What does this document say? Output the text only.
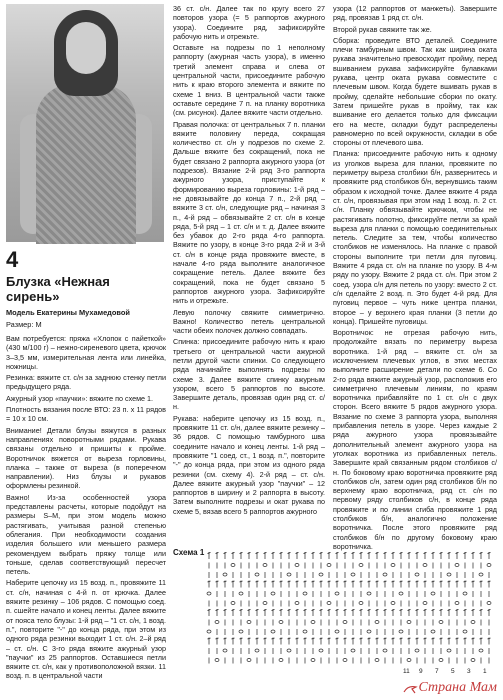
4
Блузка «Нежная сирень»
Модель Екатерины Мухамедовой
Размер: М

Вам потребуется: пряжа «Хлопок с пайеткой» (430 м/100 г) – нежно-сиреневого цвета, крючок 3–3,5 мм, измерительная лента или линейка, ножницы.

Резинка: вяжите ст. с/н за заднюю стенку петли предыдущего ряда.

Ажурный узор «паучки»: вяжите по схеме 1.

Плотность вязания после ВТО: 23 п. х 11 рядов = 10 х 10 см.

Внимание! Детали блузы вяжутся в разных направлениях поворотными рядами. Рукава связаны отдельно и пришиты к пройме. Воротничок вяжется от выреза горловины, планка – также от выреза (в поперечном направлении). Низ блузы и рукавов оформлены резинкой.

Важно! Из-за особенностей узора представлены расчеты, которые подойдут на размеры S–M, при этом модель можно растягивать, учитывая разной степенью облегания. При необходимости создания изделия большего или меньшего размера рекомендуем выбрать пряжу толще или тоньше, сделав соответствующий пересчет петель.

Наберите цепочку из 15 возд. п., провяжите 11 ст. с/н, начиная с 4-й п. от крючка. Далее вяжите резинку – 106 рядов. С помощью соед. п. сшейте начало и конец ленты. Далее вяжите от пояса тело блузы: 1-й ряд – "1 ст. с/н, 1 возд. п.", повторите "-" до конца ряда, при этом из одного ряда резинки выходит 1 ст. с/н. 2–й ряд – ст. с/н. С 3-го ряда вяжите ажурный узор "паучки" из 25 раппортов. Оставшиеся петли вяжите ст. с/н, как у противоположной вязки. 11 возд. п. в центральной части

36 ст. с/н. Далее так по кругу всего 27 повторов узора (= 5 раппортов ажурного узора). Соедините ряд, зафиксируйте рабочую нить и отрежьте.

Оставьте на подрезы по 1 неполному раппорту (ажурная часть узора), в именно третий элемент справа и слева от центральной части, присоедините рабочую нить к краю второго элемента и вяжите по схеме 1 вниз. В центральной части также оставьте середине 7 п. на планку воротника (см. рисунок). Далее вяжите части отдельно.

Правая полочка: от центральных 7 п. планки вяжите половину переда, сокращая количество ст. с/н у подрезов по схеме 2. Дальше вяжите без сокращений, пока не будет связано 2 раппорта ажурного узора (от подрезов). Вязание 2-й ряд 3-го раппорта ажурного узора, приступайте к формированию выреза горловины: 1-й ряд – не довязывайте до конца 7 п., 2-й ряд – вяжите 3 ст. с/н, следующие ряд – начиная 3 п., 4-й ряд – обвязывайте 2 ст. с/н в конце ряда, 5-й ряд – 1 ст. с/н и т. д. Далее вяжите без убавок до 2-го ряда 4-го раппорта. Вяжите по узору, в конце 3-го ряда 2-й и 3-й ст. с/н в конце ряда провяжите вместе, в начале 4-го ряда выполните аналогичное сокращение петель. Далее вяжите без сокращений, пока не будет связано 5 раппортов ажурного узора. Зафиксируйте нить и отрежьте.

Левую полочку свяжите симметрично. Важно! Количество петель центральной части обеих полочек должно совпадать.

Спинка: присоедините рабочую нить к краю третьего от центральной части ажурной петли другой части спинки. Со следующего ряда начинайте выполнять подрезы по схеме 3. Далее вяжите спинку ажурным узором, всего 5 раппортов по высоте. Завершите деталь, провязав один ряд ст. с/н.

Рукава: наберите цепочку из 15 возд. п., провяжите 11 ст. с/н, далее вяжите резинку – 36 рядов. С помощью тамбурного шва соедините начало и конец ленты. 1-й ряд – провяжите "1 соед. ст., 1 возд. п.", повторите "-" до конца ряда, при этом из одного ряда резинки (см. схему 4). 2-й ряд – ст. с/н. Далее вяжите ажурный узор "паучки" – 12 раппортов в ширину и 2 раппорта в высоту. Затем выполните подрезы и окат рукава по схеме 5, вязав всего 5 раппортов ажурного

узора (12 раппортов от манжеты). Завершите ряд, провязав 1 ряд ст. с/н.

Второй рукав свяжите так же.

Сборка: проведите ВТО деталей. Соедините плечи тамбурным швом. Так как ширина оката рукава значительно превосходит пройму, перед вшиванием рукава зафиксируйте булавками рукава, центр оката рукава совместите с плечевым швом. Когда будете вшивать рукав в пройму, сделайте небольшие сборки по окату. Затем пришейте рукав в пройму, так как вшивание его делается только для фиксации его на месте, складки будут распределены равномерно по всей окружности, складки в обе стороны от плечевого шва.

Планка: присоедините рабочую нить к одному из уголков выреза для планки, провяжите по периметру выреза столбики б/н, развернитесь и провяжите ряд столбиков б/н, вернувшись таким образом к исходной точке. Далее вяжите 4 ряда ст. с/н, провязывая при этом над 1 возд. п. 2 ст. с/н. Планку обвязывайте крючком, чтобы не растягивать полотно, фиксируйте петли за край выреза для планки с помощью соединительных петель. Следите за тем, чтобы количество столбиков не изменялось. На планке с правой стороны выполните три петли для пуговиц. Вяжите 4 ряда ст. с/н на планке по узору. В 4-м ряду по узору. Вяжите 2 ряда ст. с/н. При этом 2 соед. узора с/н для петель по узору: вместо 2 ст. с/н сделайте 2 возд. п. Это будет 4-й ряд. Для пуговиц первое – чуть ниже центра планки, второе – у верхнего края планки (3 петли до конца). Пришейте пуговицы.

Воротничок: не отрезая рабочую нить, продолжайте вязать по периметру выреза воротника. 1-й ряд – вяжите ст. с/н за исключением плечевых углов, в этих местах выполните расширение детали по схеме 6. Со 2-го ряда вяжите ажурный узор, расположив его симметрично плечевым линиям, по краям воротничка прибавляйте по 1 ст. с/н с двух сторон. Всего вяжите 5 рядов ажурного узора. Вязание по схеме 3 раппорта узора, выполняя прибавления петель в узоре. Через каждые 2 ряда ажурного узора провязывайте дополнительный элемент ажурного узора на уголках воротника из прибавленных петель. Завершите край связанным рядом столбиков с/н. По боковому краю воротничка провяжите ряд столбиков с/н, затем один ряд столбиков б/н по верхнему краю воротничка, ряд ст. с/н по первому ряду столбиков с/н, в конце ряда провяжите и по линии сгиба провяжите 1 ряд столбиков б/н, аналогично положение воротничка. После этого провяжите ряд столбиков б/н по другому боковому краю воротничка.

Схема 1
11 9 7 5 3 1
Страна Мам
